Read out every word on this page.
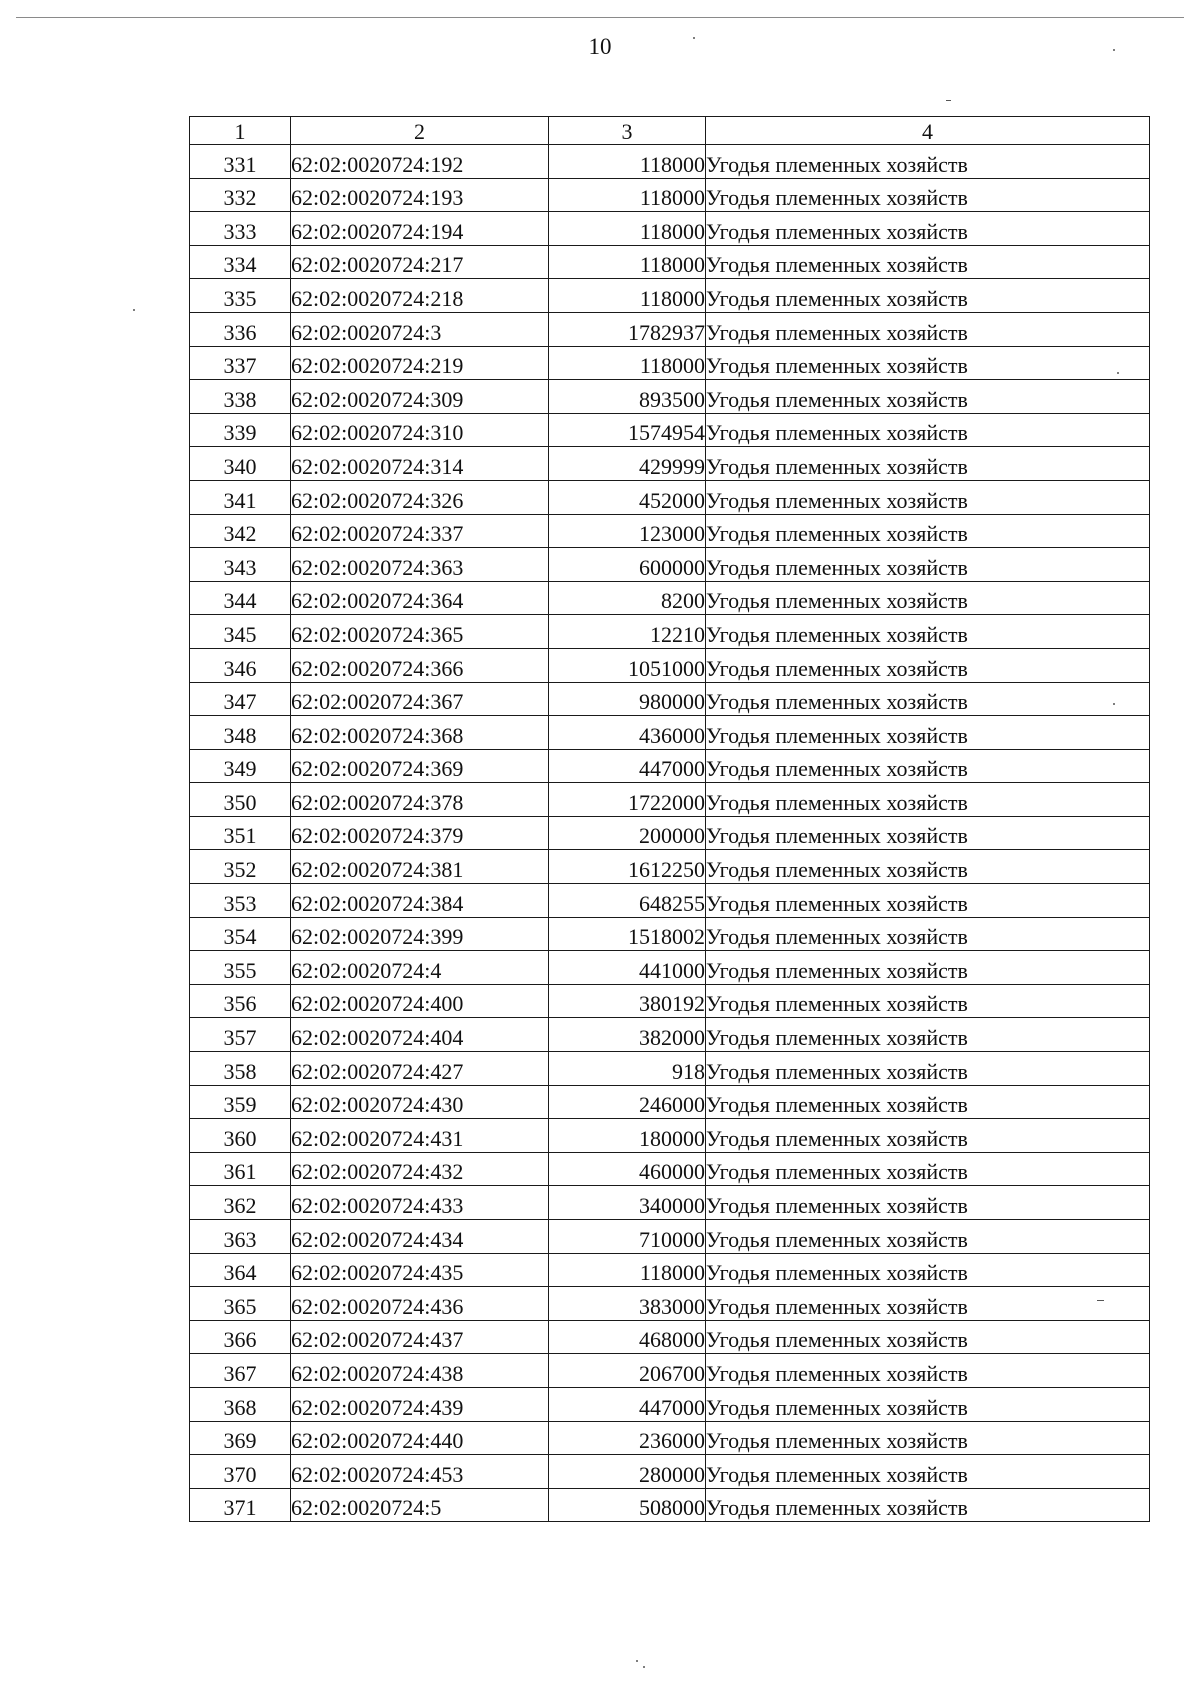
10
1	2	3	4
331	62:02:0020724:192	118000	Угодья племенных хозяйств
332	62:02:0020724:193	118000	Угодья племенных хозяйств
333	62:02:0020724:194	118000	Угодья племенных хозяйств
334	62:02:0020724:217	118000	Угодья племенных хозяйств
335	62:02:0020724:218	118000	Угодья племенных хозяйств
336	62:02:0020724:3	1782937	Угодья племенных хозяйств
337	62:02:0020724:219	118000	Угодья племенных хозяйств
338	62:02:0020724:309	893500	Угодья племенных хозяйств
339	62:02:0020724:310	1574954	Угодья племенных хозяйств
340	62:02:0020724:314	429999	Угодья племенных хозяйств
341	62:02:0020724:326	452000	Угодья племенных хозяйств
342	62:02:0020724:337	123000	Угодья племенных хозяйств
343	62:02:0020724:363	600000	Угодья племенных хозяйств
344	62:02:0020724:364	8200	Угодья племенных хозяйств
345	62:02:0020724:365	12210	Угодья племенных хозяйств
346	62:02:0020724:366	1051000	Угодья племенных хозяйств
347	62:02:0020724:367	980000	Угодья племенных хозяйств
348	62:02:0020724:368	436000	Угодья племенных хозяйств
349	62:02:0020724:369	447000	Угодья племенных хозяйств
350	62:02:0020724:378	1722000	Угодья племенных хозяйств
351	62:02:0020724:379	200000	Угодья племенных хозяйств
352	62:02:0020724:381	1612250	Угодья племенных хозяйств
353	62:02:0020724:384	648255	Угодья племенных хозяйств
354	62:02:0020724:399	1518002	Угодья племенных хозяйств
355	62:02:0020724:4	441000	Угодья племенных хозяйств
356	62:02:0020724:400	380192	Угодья племенных хозяйств
357	62:02:0020724:404	382000	Угодья племенных хозяйств
358	62:02:0020724:427	918	Угодья племенных хозяйств
359	62:02:0020724:430	246000	Угодья племенных хозяйств
360	62:02:0020724:431	180000	Угодья племенных хозяйств
361	62:02:0020724:432	460000	Угодья племенных хозяйств
362	62:02:0020724:433	340000	Угодья племенных хозяйств
363	62:02:0020724:434	710000	Угодья племенных хозяйств
364	62:02:0020724:435	118000	Угодья племенных хозяйств
365	62:02:0020724:436	383000	Угодья племенных хозяйств
366	62:02:0020724:437	468000	Угодья племенных хозяйств
367	62:02:0020724:438	206700	Угодья племенных хозяйств
368	62:02:0020724:439	447000	Угодья племенных хозяйств
369	62:02:0020724:440	236000	Угодья племенных хозяйств
370	62:02:0020724:453	280000	Угодья племенных хозяйств
371	62:02:0020724:5	508000	Угодья племенных хозяйств
